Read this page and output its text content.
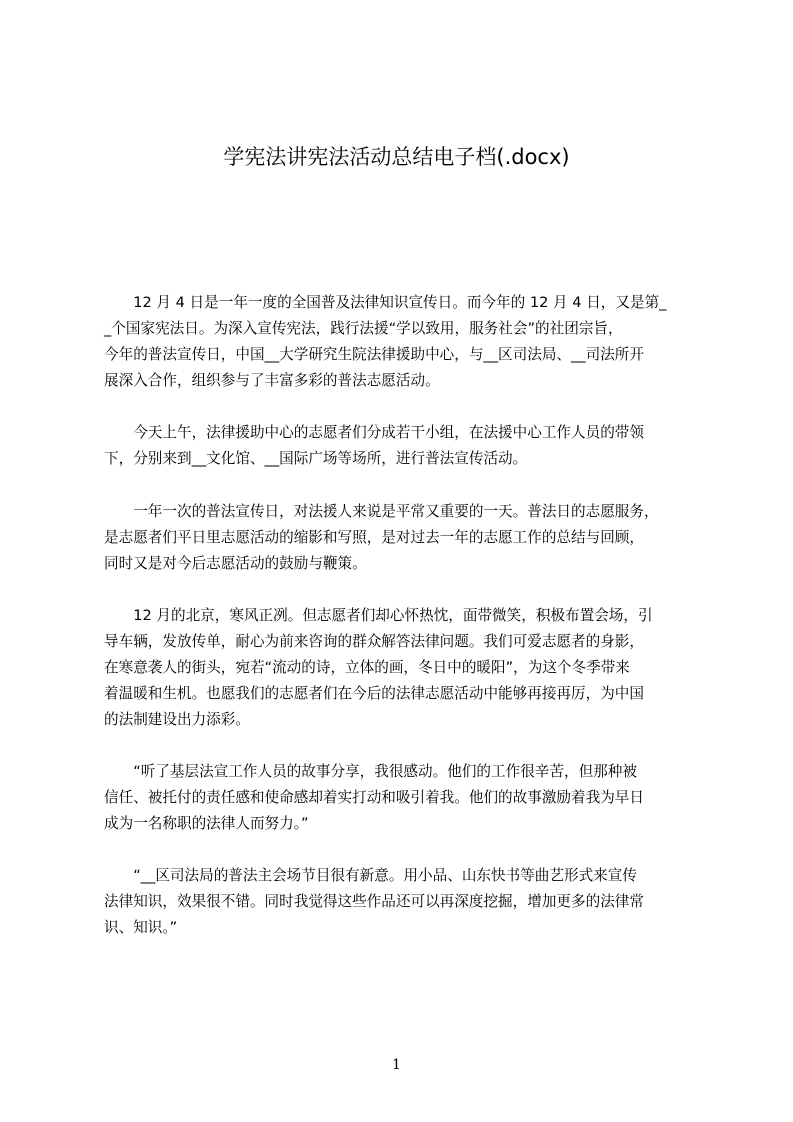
学宪法讲宪法活动总结电子档(.docx)
　　12 月 4 日是一年一度的全国普及法律知识宣传日。而今年的 12 月 4 日，又是第_
_个国家宪法日。为深入宣传宪法，践行法援“学以致用，服务社会”的社团宗旨，
今年的普法宣传日，中国__大学研究生院法律援助中心，与__区司法局、__司法所开
展深入合作，组织参与了丰富多彩的普法志愿活动。
　　今天上午，法律援助中心的志愿者们分成若干小组，在法援中心工作人员的带领
下，分别来到__文化馆、__国际广场等场所，进行普法宣传活动。
　　一年一次的普法宣传日，对法援人来说是平常又重要的一天。普法日的志愿服务，
是志愿者们平日里志愿活动的缩影和写照，是对过去一年的志愿工作的总结与回顾，
同时又是对今后志愿活动的鼓励与鞭策。
　　12 月的北京，寒风正冽。但志愿者们却心怀热忱，面带微笑，积极布置会场，引
导车辆，发放传单，耐心为前来咨询的群众解答法律问题。我们可爱志愿者的身影，
在寒意袭人的街头，宛若“流动的诗，立体的画，冬日中的暖阳”，为这个冬季带来
着温暖和生机。也愿我们的志愿者们在今后的法律志愿活动中能够再接再厉，为中国
的法制建设出力添彩。
　　“听了基层法宣工作人员的故事分享，我很感动。他们的工作很辛苦，但那种被
信任、被托付的责任感和使命感却着实打动和吸引着我。他们的故事激励着我为早日
成为一名称职的法律人而努力。”
　　“__区司法局的普法主会场节目很有新意。用小品、山东快书等曲艺形式来宣传
法律知识，效果很不错。同时我觉得这些作品还可以再深度挖掘，增加更多的法律常
识、知识。”
1
